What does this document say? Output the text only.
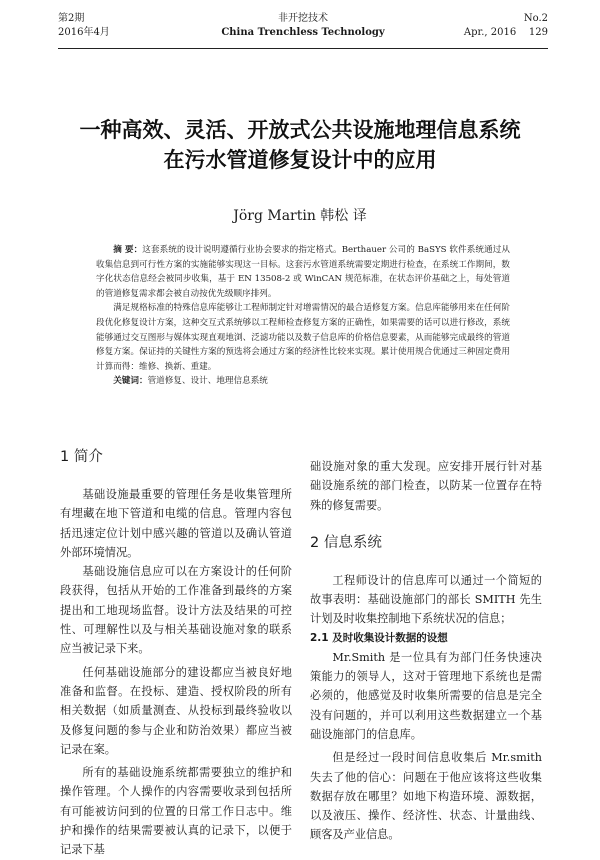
第2期
2016年4月
非开挖技术
China Trenchless Technology
No.2
Apr., 2016 129
一种高效、灵活、开放式公共设施地理信息系统
在污水管道修复设计中的应用
Jörg Martin 韩松 译

摘 要：这套系统的设计说明遵循行业协会要求的指定格式。Berthauer 公司的 BaSYS 软件系统通过从收集信息到可行性方案的实施能够实现这一目标。这套污水管道系统需要定期进行检查，在系统工作期间，数字化状态信息经会被同步收集，基于 EN 13508-2 或 WinCAN 规范标准，在状态评价基础之上，每处管道的管道修复需求都会被自动按优先级顺序排列。

满足规格标准的特殊信息库能够让工程师制定针对增需情况的最合适修复方案。信息库能够用来在任何阶段优化修复设计方案，这种交互式系统够以工程师检查修复方案的正确性，如果需要的话可以进行修改，系统能够通过交互图形与媒体实现直观地浏、泛滤功能以及数子信息库的价格信息要素，从而能够完成最终的管道修复方案。保证持的关键性方案的预选将会通过方案的经济性比较来实现。累计使用规合优通过三种固定费用计算而得：维修、换新、重建。

关键词：管道修复、设计、地理信息系统

1 简介

基础设施最重要的管理任务是收集管理所有埋藏在地下管道和电缆的信息。管理内容包括迅速定位计划中感兴趣的管道以及确认管道外部环境情况。

基础设施信息应可以在方案设计的任何阶段获得，包括从开始的工作准备到最终的方案提出和工地现场监督。设计方法及结果的可控性、可理解性以及与相关基础设施对象的联系应当被记录下来。

任何基础设施部分的建设都应当被良好地准备和监督。在投标、建造、授权阶段的所有相关数据（如质量测查、从投标到最终验收以及修复问题的参与企业和防治效果）都应当被记录在案。

所有的基础设施系统都需要独立的维护和操作管理。个人操作的内容需要收录到包括所有可能被访问到的位置的日常工作日志中。维护和操作的结果需要被认真的记录下，以便于记录下基

础设施对象的重大发现。应安排开展行针对基础设施系统的部门检查，以防某一位置存在特殊的修复需要。

2 信息系统

工程师设计的信息库可以通过一个简短的故事表明：基础设施部门的部长 SMITH 先生计划及时收集控制地下系统状况的信息；

2.1 及时收集设计数据的设想

Mr.Smith 是一位具有为部门任务快速决策能力的领导人，这对于管理地下系统也是需必须的，他感觉及时收集所需要的信息是完全没有问题的，并可以利用这些数据建立一个基础设施部门的信息库。

但是经过一段时间信息收集后 Mr.smith 失去了他的信心：问题在于他应该将这些收集数据存放在哪里？如地下构造环境、源数据，以及液压、操作、经济性、状态、计量曲线、顾客及产业信息。
